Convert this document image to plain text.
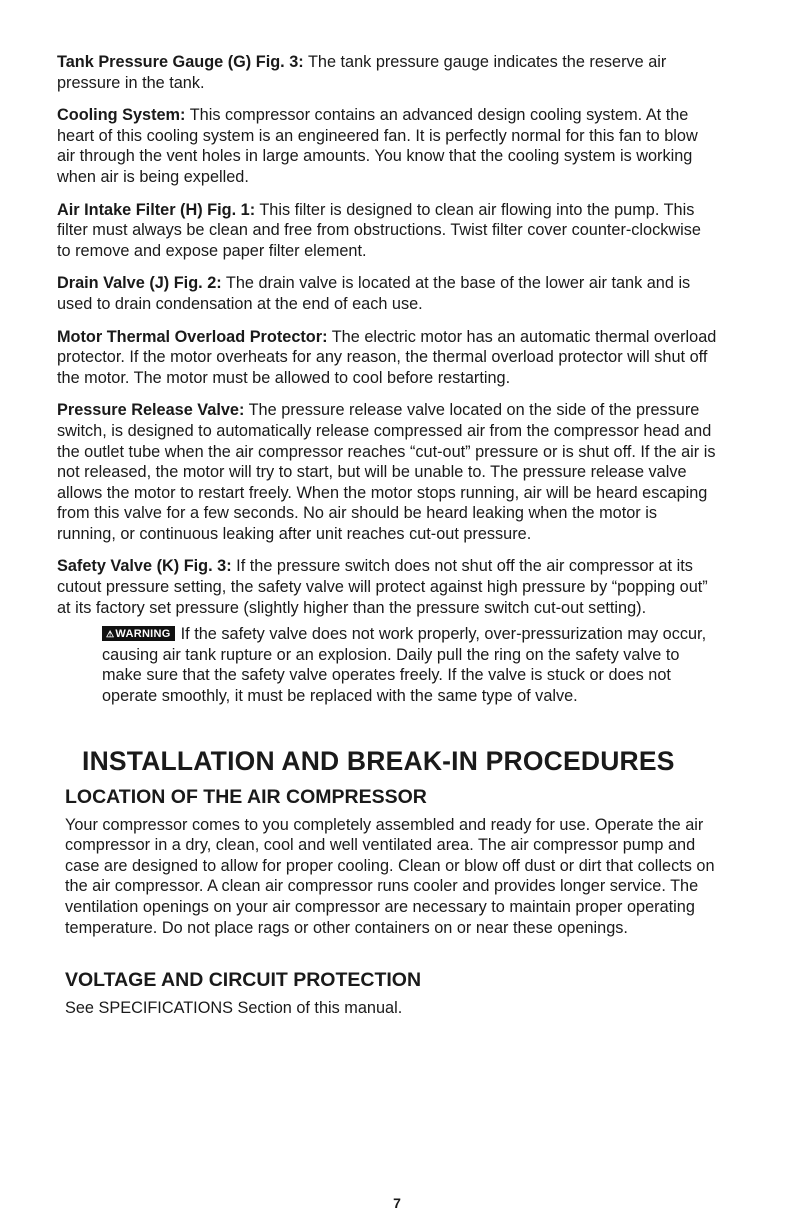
Tank Pressure Gauge (G) Fig. 3: The tank pressure gauge indicates the reserve air pressure in the tank.

Cooling System: This compressor contains an advanced design cooling system. At the heart of this cooling system is an engineered fan. It is perfectly normal for this fan to blow air through the vent holes in large amounts. You know that the cooling system is working when air is being expelled.

Air Intake Filter (H) Fig. 1: This filter is designed to clean air flowing into the pump. This filter must always be clean and free from obstructions. Twist filter cover counter-clockwise to remove and expose paper filter element.

Drain Valve (J) Fig. 2: The drain valve is located at the base of the lower air tank and is used to drain condensation at the end of each use.

Motor Thermal Overload Protector: The electric motor has an automatic thermal overload protector. If the motor overheats for any reason, the thermal overload protector will shut off the motor. The motor must be allowed to cool before restarting.

Pressure Release Valve: The pressure release valve located on the side of the pressure switch, is designed to automatically release compressed air from the compressor head and the outlet tube when the air compressor reaches “cut-out” pressure or is shut off. If the air is not released, the motor will try to start, but will be unable to. The pressure release valve allows the motor to restart freely. When the motor stops running, air will be heard escaping from this valve for a few seconds. No air should be heard leaking when the motor is running, or continuous leaking after unit reaches cut-out pressure.

Safety Valve (K) Fig. 3: If the pressure switch does not shut off the air compressor at its cutout pressure setting, the safety valve will protect against high pressure by “popping out” at its factory set pressure (slightly higher than the pressure switch cut-out setting).

⚠WARNING If the safety valve does not work properly, over-pressurization may occur, causing air tank rupture or an explosion. Daily pull the ring on the safety valve to make sure that the safety valve operates freely. If the valve is stuck or does not operate smoothly, it must be replaced with the same type of valve.
INSTALLATION AND BREAK-IN PROCEDURES
LOCATION OF THE AIR COMPRESSOR
Your compressor comes to you completely assembled and ready for use. Operate the air compressor in a dry, clean, cool and well ventilated area. The air compressor pump and case are designed to allow for proper cooling. Clean or blow off dust or dirt that collects on the air compressor. A clean air compressor runs cooler and provides longer service. The ventilation openings on your air compressor are necessary to maintain proper operating temperature. Do not place rags or other containers on or near these openings.
VOLTAGE AND CIRCUIT PROTECTION
See SPECIFICATIONS Section of this manual.
7
